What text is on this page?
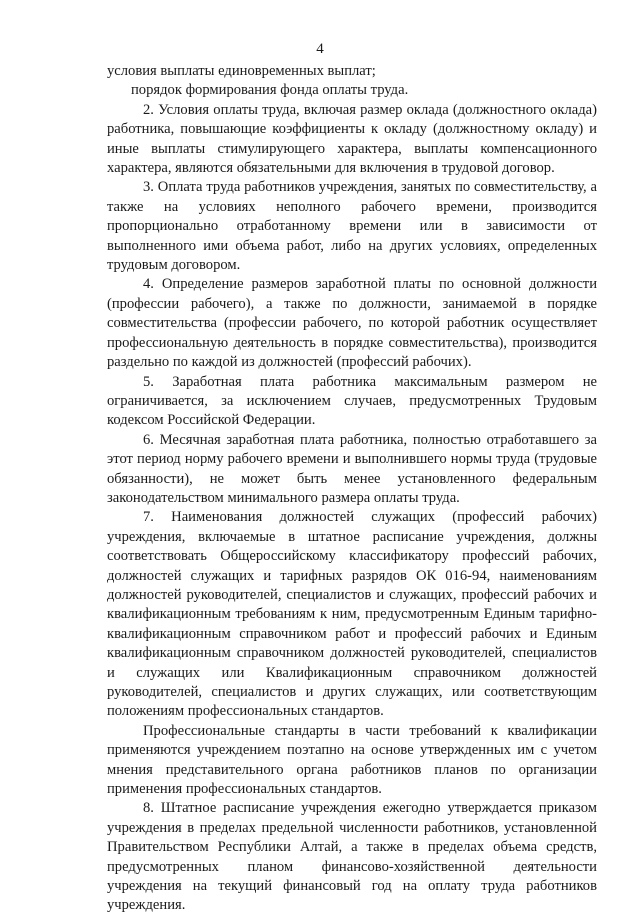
4

условия выплаты единовременных выплат;

порядок формирования фонда оплаты труда.

2. Условия оплаты труда, включая размер оклада (должностного оклада) работника, повышающие коэффициенты к окладу (должностному окладу) и иные выплаты стимулирующего характера, выплаты компенсационного характера, являются обязательными для включения в трудовой договор.

3. Оплата труда работников учреждения, занятых по совместительству, а также на условиях неполного рабочего времени, производится пропорционально отработанному времени или в зависимости от выполненного ими объема работ, либо на других условиях, определенных трудовым договором.

4. Определение размеров заработной платы по основной должности (профессии рабочего), а также по должности, занимаемой в порядке совместительства (профессии рабочего, по которой работник осуществляет профессиональную деятельность в порядке совместительства), производится раздельно по каждой из должностей (профессий рабочих).

5. Заработная плата работника максимальным размером не ограничивается, за исключением случаев, предусмотренных Трудовым кодексом Российской Федерации.

6. Месячная заработная плата работника, полностью отработавшего за этот период норму рабочего времени и выполнившего нормы труда (трудовые обязанности), не может быть менее установленного федеральным законодательством минимального размера оплаты труда.

7. Наименования должностей служащих (профессий рабочих) учреждения, включаемые в штатное расписание учреждения, должны соответствовать Общероссийскому классификатору профессий рабочих, должностей служащих и тарифных разрядов ОК 016-94, наименованиям должностей руководителей, специалистов и служащих, профессий рабочих и квалификационным требованиям к ним, предусмотренным Единым тарифно-квалификационным справочником работ и профессий рабочих и Единым квалификационным справочником должностей руководителей, специалистов и служащих или Квалификационным справочником должностей руководителей, специалистов и других служащих, или соответствующим положениям профессиональных стандартов.

Профессиональные стандарты в части требований к квалификации применяются учреждением поэтапно на основе утвержденных им с учетом мнения представительного органа работников планов по организации применения профессиональных стандартов.

8. Штатное расписание учреждения ежегодно утверждается приказом учреждения в пределах предельной численности работников, установленной Правительством Республики Алтай, а также в пределах объема средств, предусмотренных планом финансово-хозяйственной деятельности учреждения на текущий финансовый год на оплату труда работников учреждения.
